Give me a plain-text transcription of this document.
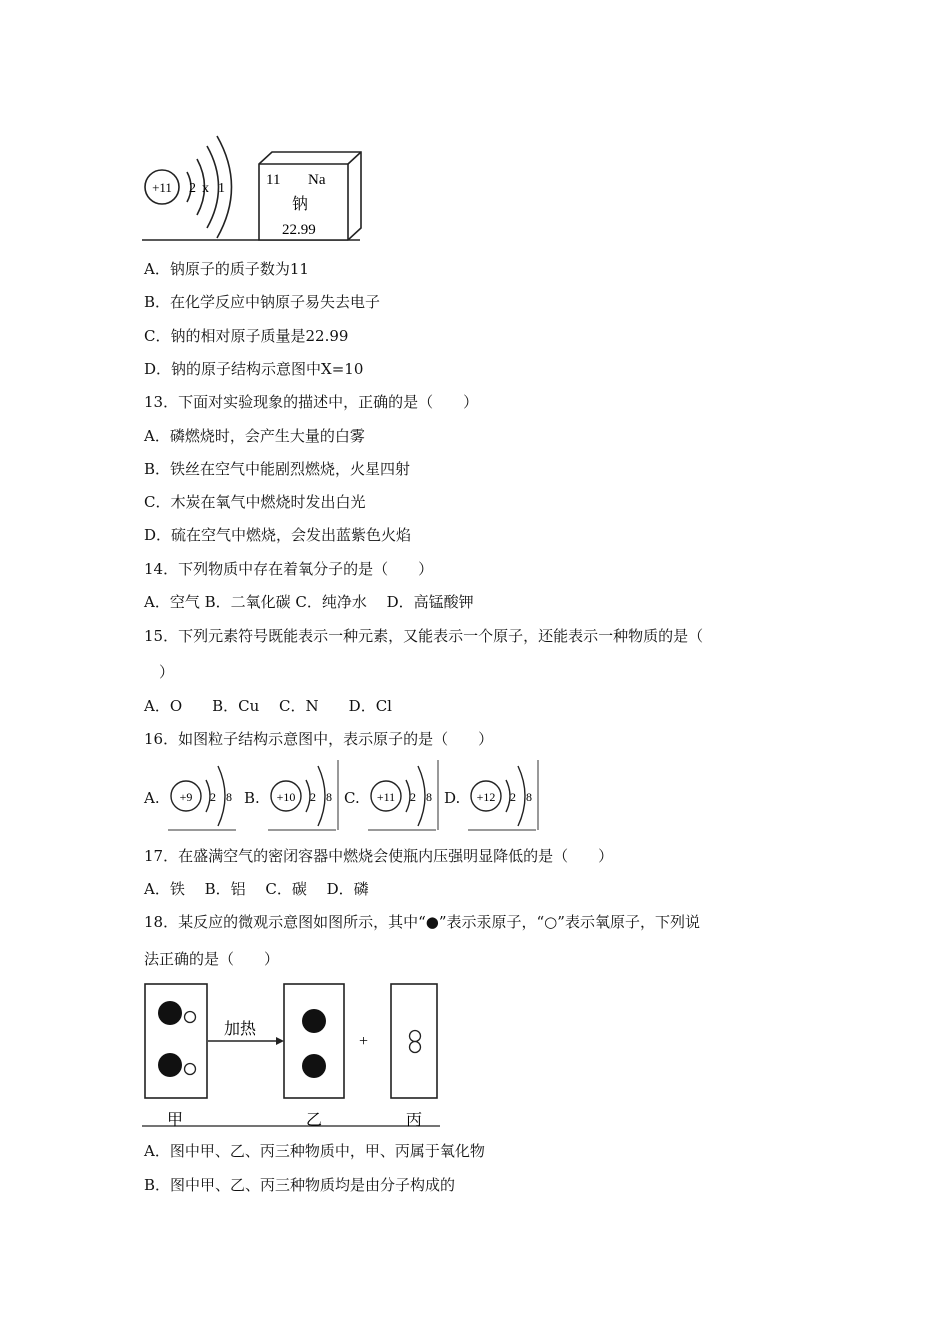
+11 2 x 1
11 Na
钠
22.99
A．钠原子的质子数为11
B．在化学反应中钠原子易失去电子
C．钠的相对原子质量是22.99
D．钠的原子结构示意图中X=10
13．下面对实验现象的描述中，正确的是（　　）
A．磷燃烧时，会产生大量的白雾
B．铁丝在空气中能剧烈燃烧，火星四射
C．木炭在氧气中燃烧时发出白光
D．硫在空气中燃烧，会发出蓝紫色火焰
14．下列物质中存在着氧分子的是（　　）
A．空气 B．二氧化碳 C．纯净水　 D．高锰酸钾
15．下列元素符号既能表示一种元素，又能表示一个原子，还能表示一种物质的是（
　）
A．O　　B．Cu　 C．N　　D．Cl
16．如图粒子结构示意图中，表示原子的是（　　）
A. +9 2 8 B. +10 2 8 C. +11 2 8 D. +12 2 8
17．在盛满空气的密闭容器中燃烧会使瓶内压强明显降低的是（　　）
A．铁　 B．铝　 C．碳　 D．磷
18．某反应的微观示意图如图所示，其中“●”表示汞原子，“○”表示氧原子，下列说
法正确的是（　　）
加热
+
甲	乙	丙
A．图中甲、乙、丙三种物质中，甲、丙属于氧化物
B．图中甲、乙、丙三种物质均是由分子构成的
